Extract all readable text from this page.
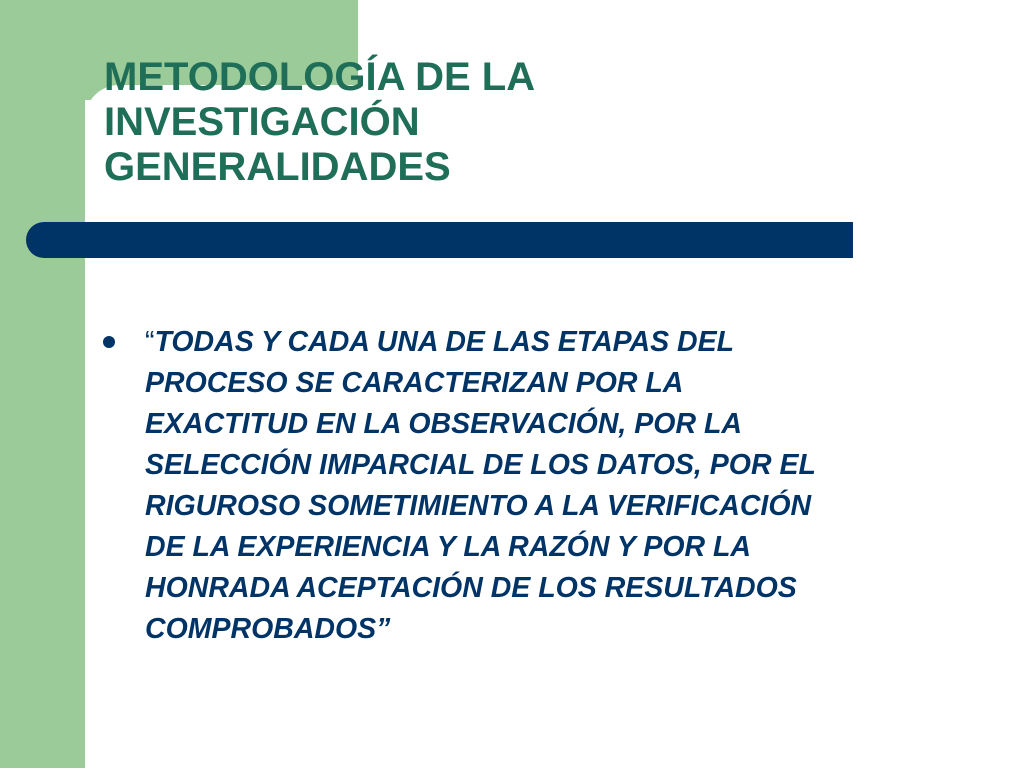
METODOLOGÍA DE LA
INVESTIGACIÓN
GENERALIDADES
“TODAS Y CADA UNA DE LAS ETAPAS DEL
PROCESO SE CARACTERIZAN POR LA
EXACTITUD EN LA OBSERVACIÓN, POR LA
SELECCIÓN IMPARCIAL DE LOS DATOS, POR EL
RIGUROSO SOMETIMIENTO A LA VERIFICACIÓN
DE LA EXPERIENCIA Y LA RAZÓN Y POR LA
HONRADA ACEPTACIÓN DE LOS RESULTADOS
COMPROBADOS”
